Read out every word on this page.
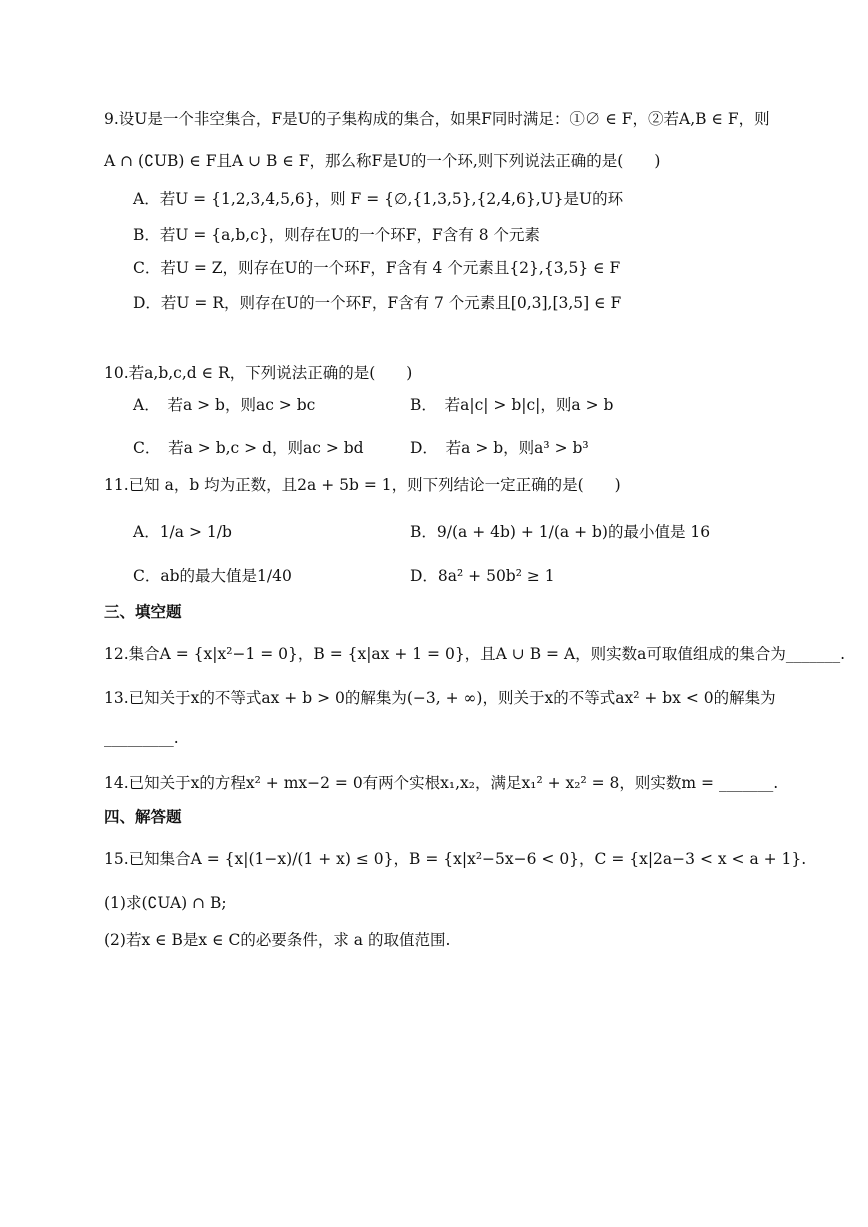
9.设U是一个非空集合，F是U的子集构成的集合，如果F同时满足：①∅ ∈ F，②若A,B ∈ F，则
A ∩ (∁UB) ∈ F且A ∪ B ∈ F，那么称F是U的一个环,则下列说法正确的是(　　)
A．若U = {1,2,3,4,5,6}，则 F = {∅,{1,3,5},{2,4,6},U}是U的环
B．若U = {a,b,c}，则存在U的一个环F，F含有 8 个元素
C．若U = Z，则存在U的一个环F，F含有 4 个元素且{2},{3,5} ∈ F
D．若U = R，则存在U的一个环F，F含有 7 个元素且[0,3],[3,5] ∈ F
10.若a,b,c,d ∈ R，下列说法正确的是(　　)
A．　若a > b，则ac > bc	B．　若a|c| > b|c|，则a > b
C．　若a > b,c > d，则ac > bd	D．　若a > b，则a³ > b³
11.已知 a，b 均为正数，且2a + 5b = 1，则下列结论一定正确的是(　　)
A．1/a > 1/b	B．9/(a + 4b) + 1/(a + b)的最小值是 16
C．ab的最大值是1/40	D．8a² + 50b² ≥ 1
三、填空题
12.集合A = {x|x²−1 = 0}，B = {x|ax + 1 = 0}，且A ∪ B = A，则实数a可取值组成的集合为_______.
13.已知关于x的不等式ax + b > 0的解集为(−3, + ∞)，则关于x的不等式ax² + bx < 0的解集为
_________.
14.已知关于x的方程x² + mx−2 = 0有两个实根x₁,x₂，满足x₁² + x₂² = 8，则实数m = _______.
四、解答题
15.已知集合A = {x|(1−x)/(1 + x) ≤ 0}，B = {x|x²−5x−6 < 0}，C = {x|2a−3 < x < a + 1}.
(1)求(∁UA) ∩ B;
(2)若x ∈ B是x ∈ C的必要条件，求 a 的取值范围.
